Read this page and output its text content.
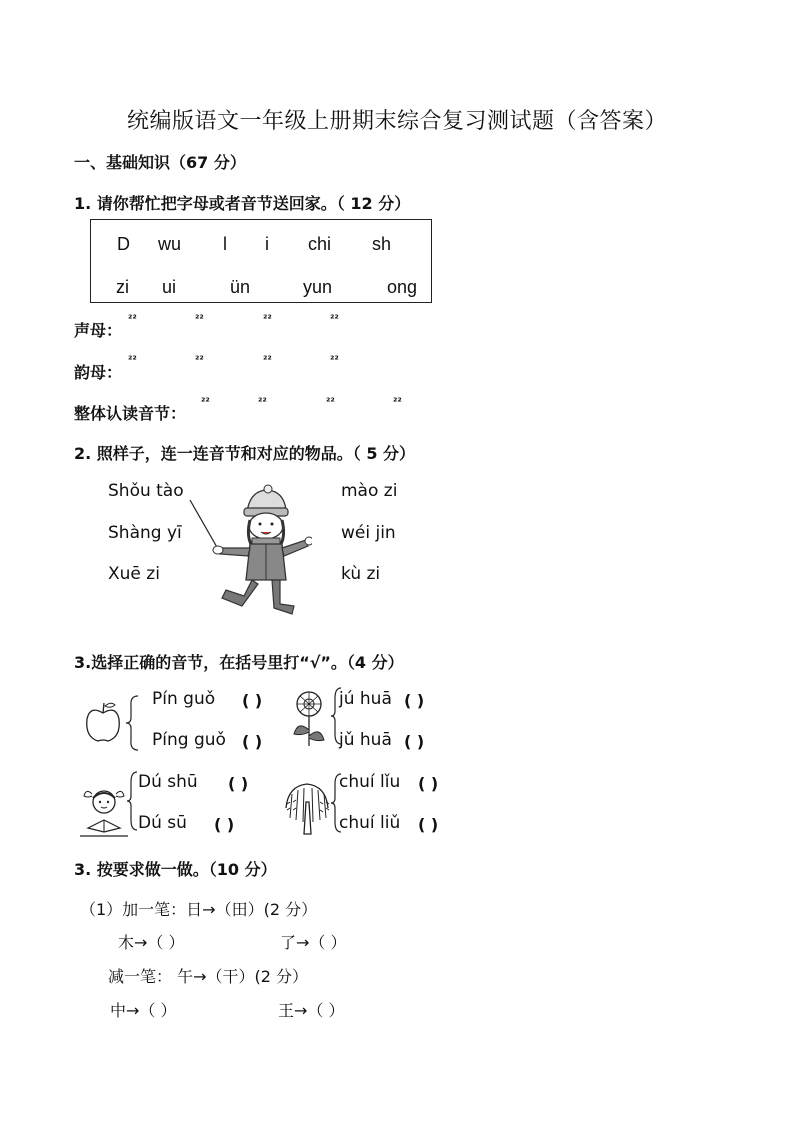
统编版语文一年级上册期末综合复习测试题（含答案）
一、基础知识（67 分）
1. 请你帮忙把字母或者音节送回家。（ 12 分）
D wu l i chi sh
zi ui	ün	yun	ong
声母：
²²	²²	²²	²²
韵母：
²²	²²	²²	²²
整体认读音节：
²²	²²	²²	²²
2. 照样子，连一连音节和对应的物品。（ 5 分）
Shǒu tào
Shàng yī
Xuē zi
mào zi
wéi jin
kù zi
3.选择正确的音节，在括号里打“√”。（4 分）
Pín guǒ
Píng guǒ
( )
( )
jú huā
jǔ huā
( )
( )
Dú shū
Dú sū
( )
( )
chuí lǐu
chuí liǔ
( )
( )
3. 按要求做一做。（10 分）
（1）加一笔：日→（田）(2 分）
木→（ ）	了→（ ）
减一笔： 午→（干）(2 分）
中→（ ）	王→（ ）
